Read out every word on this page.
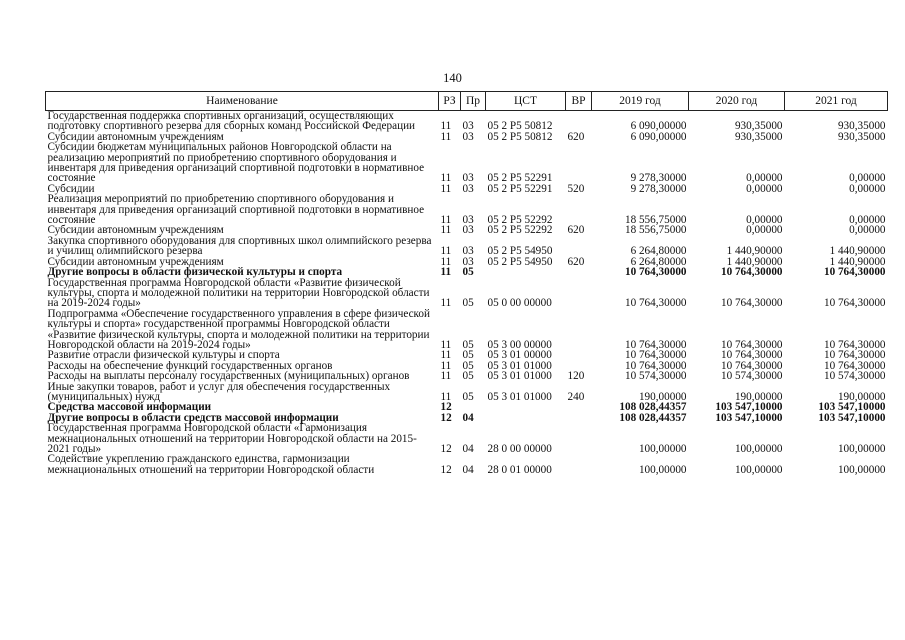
140
Наименование	РЗ	Пр	ЦСТ	ВР	2019 год	2020 год	2021 год
Государственная поддержка спортивных организаций, осуществляющих подготовку спортивного резерва для сборных команд Российской Федерации	11	03	05 2 P5 50812		6 090,00000	930,35000	930,35000
Субсидии автономным учреждениям	11	03	05 2 P5 50812	620	6 090,00000	930,35000	930,35000
Субсидии бюджетам муниципальных районов Новгородской области на реализацию мероприятий по приобретению спортивного оборудования и инвентаря для приведения организаций спортивной подготовки в нормативное состояние	11	03	05 2 P5 52291		9 278,30000	0,00000	0,00000
Субсидии	11	03	05 2 P5 52291	520	9 278,30000	0,00000	0,00000
Реализация мероприятий по приобретению спортивного оборудования и инвентаря для приведения организаций спортивной подготовки в нормативное состояние	11	03	05 2 P5 52292		18 556,75000	0,00000	0,00000
Субсидии автономным учреждениям	11	03	05 2 P5 52292	620	18 556,75000	0,00000	0,00000
Закупка спортивного оборудования для спортивных школ олимпийского резерва и училищ олимпийского резерва	11	03	05 2 P5 54950		6 264,80000	1 440,90000	1 440,90000
Субсидии автономным учреждениям	11	03	05 2 P5 54950	620	6 264,80000	1 440,90000	1 440,90000
Другие вопросы в области физической культуры и спорта	11	05			10 764,30000	10 764,30000	10 764,30000
Государственная программа Новгородской области «Развитие физической культуры, спорта и молодежной политики на территории Новгородской области на 2019-2024 годы»	11	05	05 0 00 00000		10 764,30000	10 764,30000	10 764,30000
Подпрограмма «Обеспечение государственного управления в сфере физической культуры и спорта» государственной программы Новгородской области «Развитие физической культуры, спорта и молодежной политики на территории Новгородской области на 2019-2024 годы»	11	05	05 3 00 00000		10 764,30000	10 764,30000	10 764,30000
Развитие отрасли физической культуры и спорта	11	05	05 3 01 00000		10 764,30000	10 764,30000	10 764,30000
Расходы на обеспечение функций государственных органов	11	05	05 3 01 01000		10 764,30000	10 764,30000	10 764,30000
Расходы на выплаты персоналу государственных (муниципальных) органов	11	05	05 3 01 01000	120	10 574,30000	10 574,30000	10 574,30000
Иные закупки товаров, работ и услуг для обеспечения государственных (муниципальных) нужд	11	05	05 3 01 01000	240	190,00000	190,00000	190,00000
Средства массовой информации	12				108 028,44357	103 547,10000	103 547,10000
Другие вопросы в области средств массовой информации	12	04			108 028,44357	103 547,10000	103 547,10000
Государственная программа Новгородской области «Гармонизация межнациональных отношений на территории Новгородской области на 2015-2021 годы»	12	04	28 0 00 00000		100,00000	100,00000	100,00000
Содействие укреплению гражданского единства, гармонизации межнациональных отношений на территории Новгородской области	12	04	28 0 01 00000		100,00000	100,00000	100,00000
